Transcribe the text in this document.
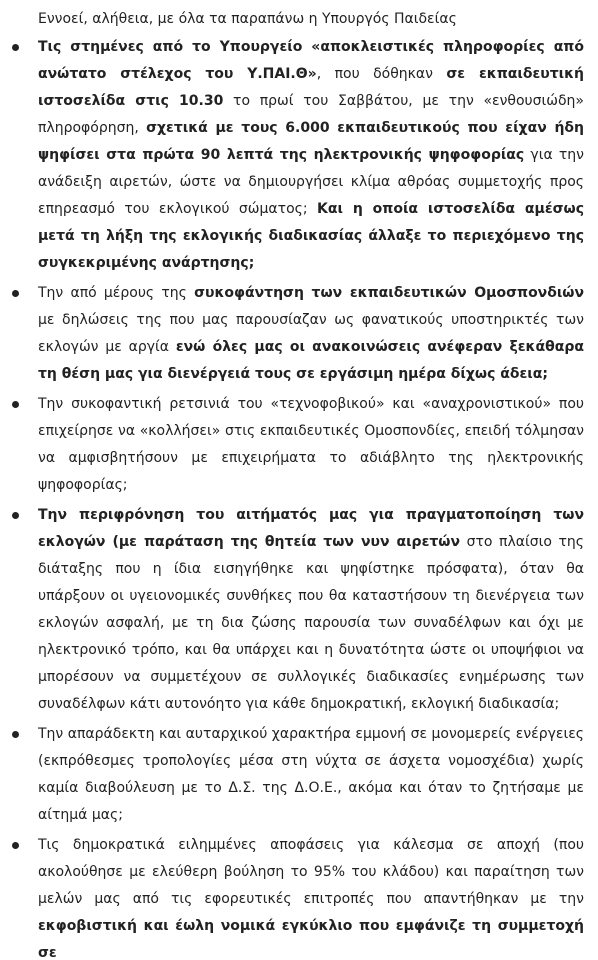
Εννοεί, αλήθεια, με όλα τα παραπάνω η Υπουργός Παιδείας

Τις στημένες από το Υπουργείο «αποκλειστικές πληροφορίες από ανώτατο στέλεχος του Υ.ΠΑΙ.Θ», που δόθηκαν σε εκπαιδευτική ιστοσελίδα στις 10.30 το πρωί του Σαββάτου, με την «ενθουσιώδη» πληροφόρηση, σχετικά με τους 6.000 εκπαιδευτικούς που είχαν ήδη ψηφίσει στα πρώτα 90 λεπτά της ηλεκτρονικής ψηφοφορίας για την ανάδειξη αιρετών, ώστε να δημιουργήσει κλίμα αθρόας συμμετοχής προς επηρεασμό του εκλογικού σώματος; Και η οποία ιστοσελίδα αμέσως μετά τη λήξη της εκλογικής διαδικασίας άλλαξε το περιεχόμενο της συγκεκριμένης ανάρτησης;
Την από μέρους της συκοφάντηση των εκπαιδευτικών Ομοσπονδιών με δηλώσεις της που μας παρουσίαζαν ως φανατικούς υποστηρικτές των εκλογών με αργία ενώ όλες μας οι ανακοινώσεις ανέφεραν ξεκάθαρα τη θέση μας για διενέργειά τους σε εργάσιμη ημέρα δίχως άδεια;
Την συκοφαντική ρετσινιά του «τεχνοφοβικού» και «αναχρονιστικού» που επιχείρησε να «κολλήσει» στις εκπαιδευτικές Ομοσπονδίες, επειδή τόλμησαν να αμφισβητήσουν με επιχειρήματα το αδιάβλητο της ηλεκτρονικής ψηφοφορίας;
Την περιφρόνηση του αιτήματός μας για πραγματοποίηση των εκλογών (με παράταση της θητεία των νυν αιρετών στο πλαίσιο της διάταξης που η ίδια εισηγήθηκε και ψηφίστηκε πρόσφατα), όταν θα υπάρξουν οι υγειονομικές συνθήκες που θα καταστήσουν τη διενέργεια των εκλογών ασφαλή, με τη δια ζώσης παρουσία των συναδέλφων και όχι με ηλεκτρονικό τρόπο, και θα υπάρχει και η δυνατότητα ώστε οι υποψήφιοι να μπορέσουν να συμμετέχουν σε συλλογικές διαδικασίες ενημέρωσης των συναδέλφων κάτι αυτονόητο για κάθε δημοκρατική, εκλογική διαδικασία;
Την απαράδεκτη και αυταρχικού χαρακτήρα εμμονή σε μονομερείς ενέργειες (εκπρόθεσμες τροπολογίες μέσα στη νύχτα σε άσχετα νομοσχέδια) χωρίς καμία διαβούλευση με το Δ.Σ. της Δ.Ο.Ε., ακόμα και όταν το ζητήσαμε με αίτημά μας;
Τις δημοκρατικά ειλημμένες αποφάσεις για κάλεσμα σε αποχή (που ακολούθησε με ελεύθερη βούληση το 95% του κλάδου) και παραίτηση των μελών μας από τις εφορευτικές επιτροπές που απαντήθηκαν με την εκφοβιστική και έωλη νομικά εγκύκλιο που εμφάνιζε τη συμμετοχή σε
